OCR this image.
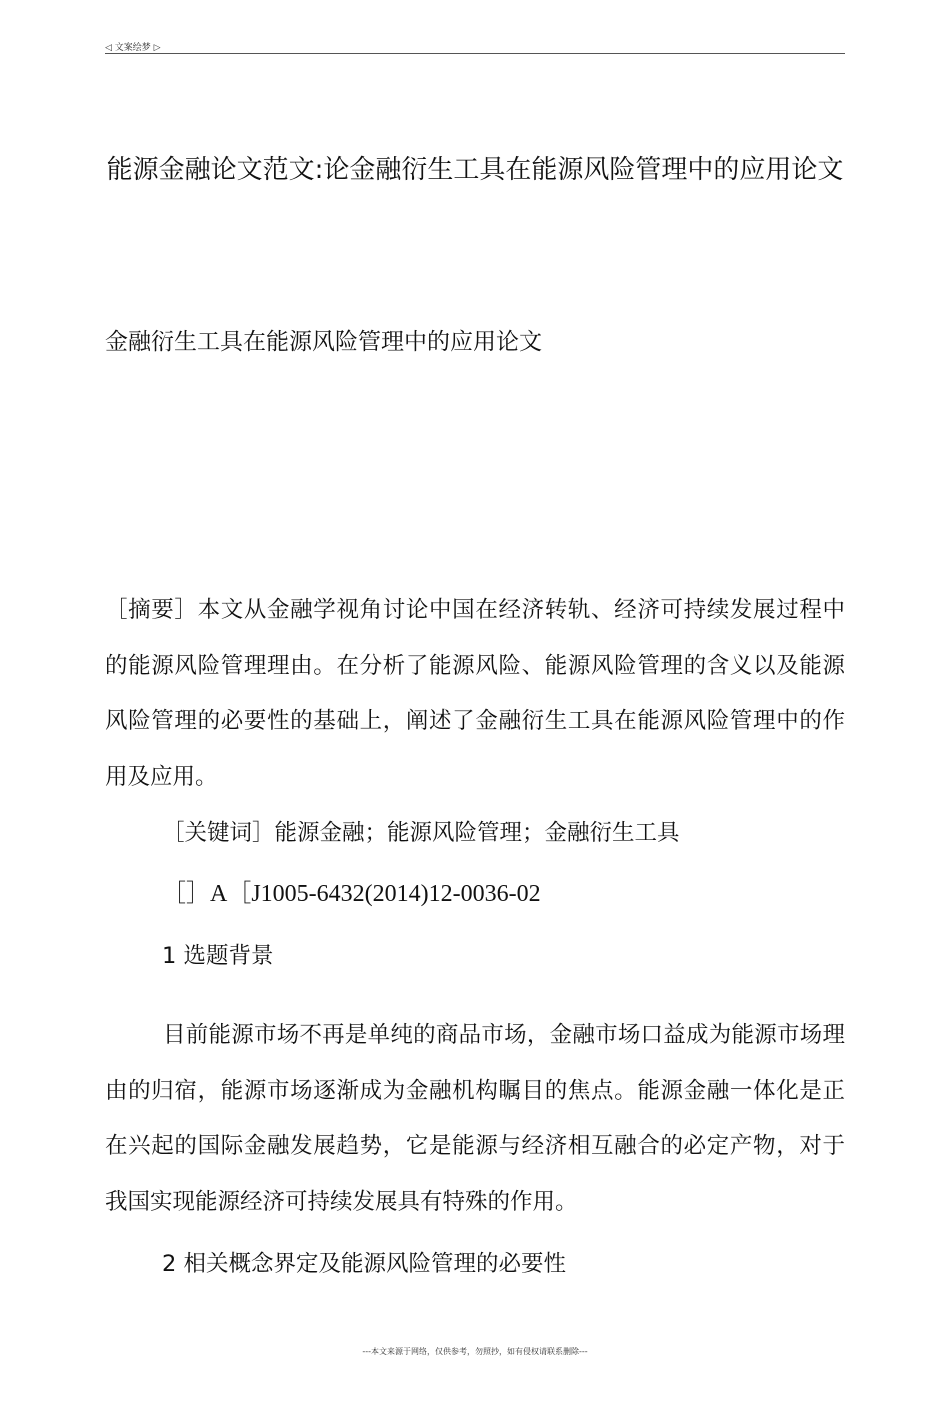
◁ 文案绘梦 ▷
能源金融论文范文:论金融衍生工具在能源风险管理中的应用论文
金融衍生工具在能源风险管理中的应用论文
［摘要］本文从金融学视角讨论中国在经济转轨、经济可持续发展过程中的能源风险管理理由。在分析了能源风险、能源风险管理的含义以及能源风险管理的必要性的基础上，阐述了金融衍生工具在能源风险管理中的作用及应用。
［关键词］能源金融；能源风险管理；金融衍生工具
［］A［J1005-6432(2014)12-0036-02
1 选题背景
目前能源市场不再是单纯的商品市场，金融市场口益成为能源市场理由的归宿，能源市场逐渐成为金融机构瞩目的焦点。能源金融一体化是正在兴起的国际金融发展趋势，它是能源与经济相互融合的必定产物，对于我国实现能源经济可持续发展具有特殊的作用。
2 相关概念界定及能源风险管理的必要性
---本文来源于网络，仅供参考，勿照抄，如有侵权请联系删除---
